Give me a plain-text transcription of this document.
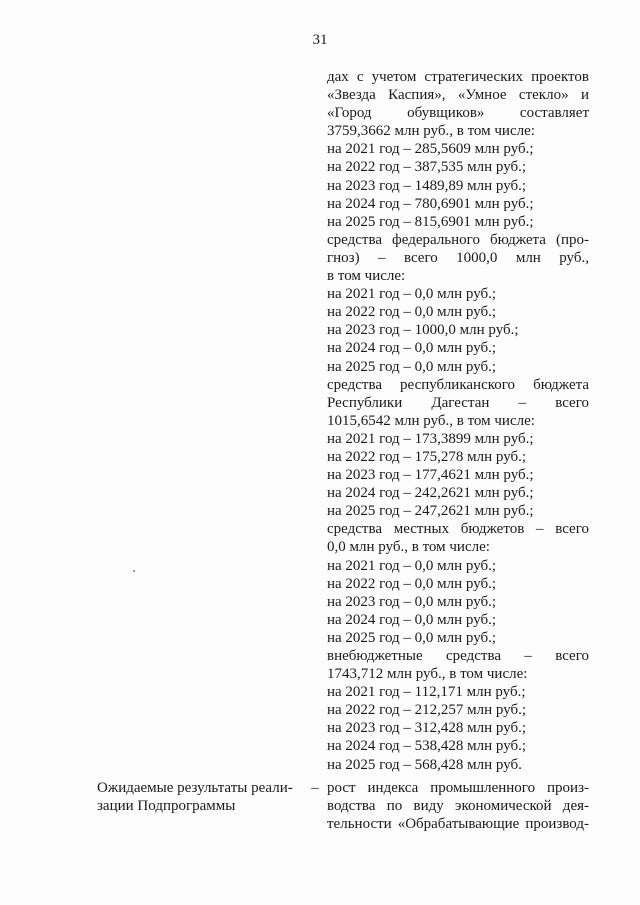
31
дах с учетом стратегических проектов
«Звезда Каспия», «Умное стекло» и
«Город обувщиков» составляет
3759,3662 млн руб., в том числе:
на 2021 год – 285,5609 млн руб.;
на 2022 год – 387,535 млн руб.;
на 2023 год – 1489,89 млн руб.;
на 2024 год – 780,6901 млн руб.;
на 2025 год – 815,6901 млн руб.;
средства федерального бюджета (про-
гноз) – всего 1000,0 млн руб.,
в том числе:
на 2021 год – 0,0 млн руб.;
на 2022 год – 0,0 млн руб.;
на 2023 год – 1000,0 млн руб.;
на 2024 год – 0,0 млн руб.;
на 2025 год – 0,0 млн руб.;
средства республиканского бюджета
Республики Дагестан – всего
1015,6542 млн руб., в том числе:
на 2021 год – 173,3899 млн руб.;
на 2022 год – 175,278 млн руб.;
на 2023 год – 177,4621 млн руб.;
на 2024 год – 242,2621 млн руб.;
на 2025 год – 247,2621 млн руб.;
средства местных бюджетов – всего
0,0 млн руб., в том числе:
на 2021 год – 0,0 млн руб.;
на 2022 год – 0,0 млн руб.;
на 2023 год – 0,0 млн руб.;
на 2024 год – 0,0 млн руб.;
на 2025 год – 0,0 млн руб.;
внебюджетные средства – всего
1743,712 млн руб., в том числе:
на 2021 год – 112,171 млн руб.;
на 2022 год – 212,257 млн руб.;
на 2023 год – 312,428 млн руб.;
на 2024 год – 538,428 млн руб.;
на 2025 год – 568,428 млн руб.
Ожидаемые результаты реали-
зации Подпрограммы
– рост индекса промышленного произ-
водства по виду экономической дея-
тельности «Обрабатывающие производ-
